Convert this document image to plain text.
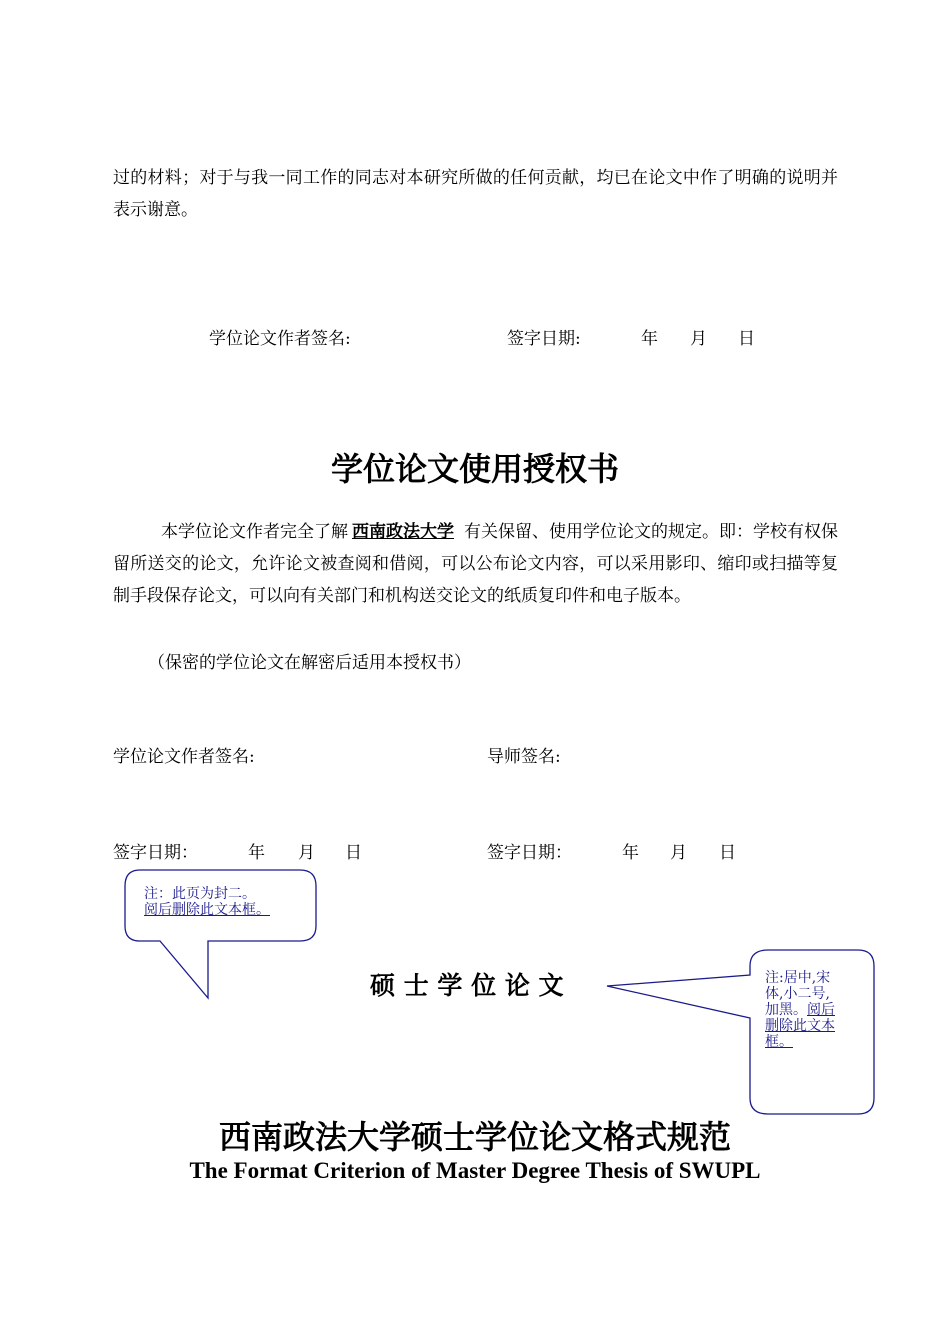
过的材料；对于与我一同工作的同志对本研究所做的任何贡献，均已在论文中作了明确的说明并表示谢意。
学位论文作者签名:	签字日期:	年 月 日
学位论文使用授权书
本学位论文作者完全了解 西南政法大学 有关保留、使用学位论文的规定。即：学校有权保留所送交的论文，允许论文被查阅和借阅，可以公布论文内容，可以采用影印、缩印或扫描等复制手段保存论文，可以向有关部门和机构送交论文的纸质复印件和电子版本。
（保密的学位论文在解密后适用本授权书）
学位论文作者签名:	导师签名:
签字日期：	年 月 日	签字日期：	年 月 日
注：此页为封二。
阅后删除此文本框。
硕 士 学 位 论 文	注:居中,宋
体,小二号,
加黑。阅后
删除此文本
框。
西南政法大学硕士学位论文格式规范
The Format Criterion of Master Degree Thesis of SWUPL
